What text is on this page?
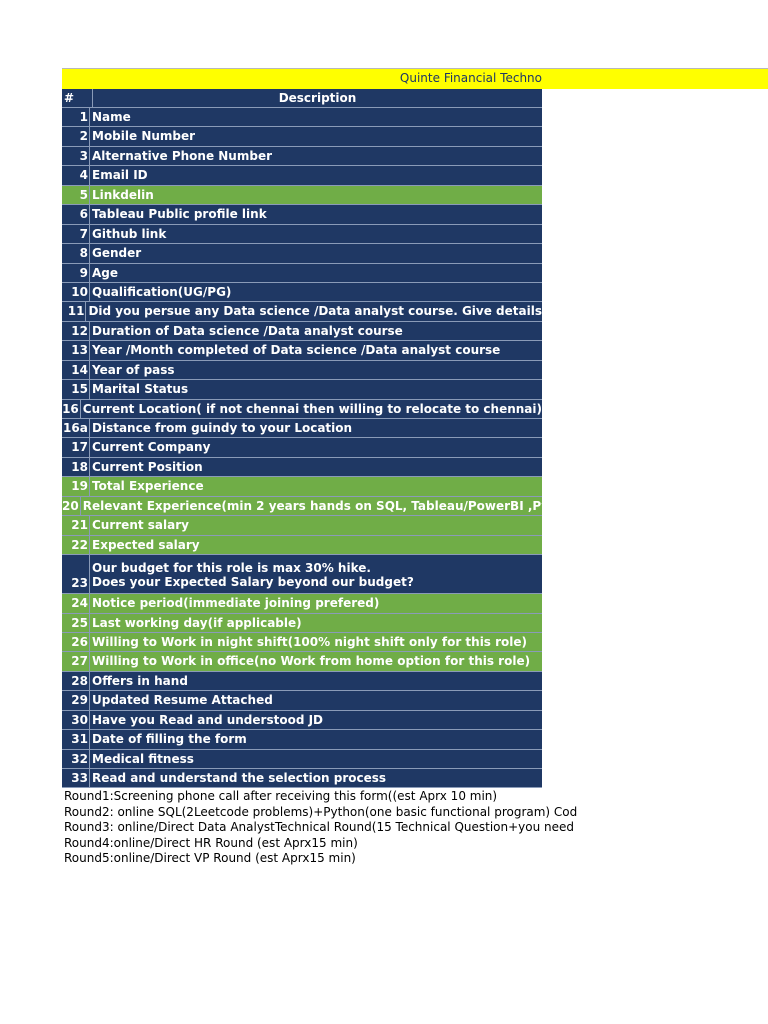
Quinte Financial Techno
#	Description
1 Name
2 Mobile Number
3 Alternative Phone Number
4 Email ID
5 Linkdelin
6 Tableau Public profile link
7 Github link
8 Gender
9 Age
10 Qualification(UG/PG)
11 Did you persue any Data science /Data analyst course. Give details
12 Duration of Data science /Data analyst course
13 Year /Month completed of Data science /Data analyst course
14 Year of pass
15 Marital Status
16 Current Location( if not chennai then willing to relocate to chennai)
16a Distance from guindy to your Location
17 Current Company
18 Current Position
19 Total Experience
20 Relevant Experience(min 2 years hands on SQL, Tableau/PowerBI ,Python)
21 Current salary
22 Expected salary
23
Our budget for this role is max 30% hike.
Does your Expected Salary beyond our budget?
24 Notice period(immediate joining prefered)
25 Last working day(if applicable)
26 Willing to Work in night shift(100% night shift only for this role)
27 Willing to Work in office(no Work from home option for this role)
28 Offers in hand
29 Updated Resume Attached
30 Have you Read and understood JD
31 Date of filling the form
32 Medical fitness
33 Read and understand the selection process
Round1:Screening phone call after receiving this form((est Aprx 10 min)
Round2: online SQL(2Leetcode problems)+Python(one basic functional program) Cod
Round3: online/Direct Data AnalystTechnical Round(15 Technical Question+you need
Round4:online/Direct HR Round (est Aprx15 min)
Round5:online/Direct VP Round (est Aprx15 min)
